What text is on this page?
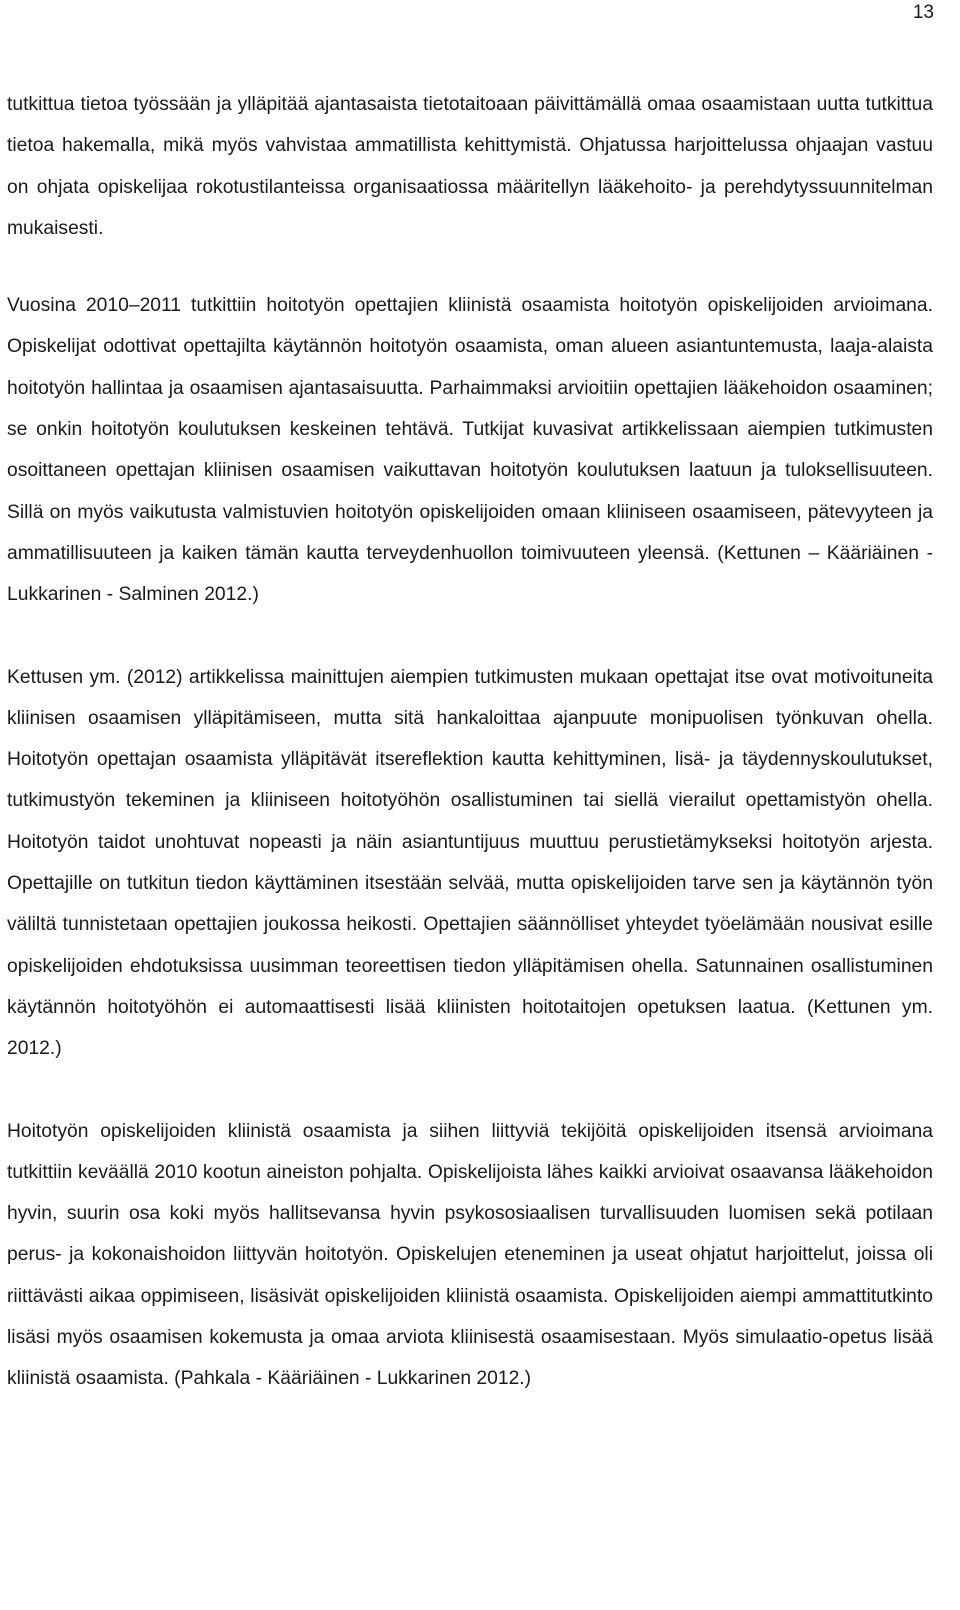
13

tutkittua tietoa työssään ja ylläpitää ajantasaista tietotaitoaan päivittämällä omaa osaamistaan uutta tutkittua tietoa hakemalla, mikä myös vahvistaa ammatillista kehittymistä. Ohjatussa harjoittelussa ohjaajan vastuu on ohjata opiskelijaa rokotustilanteissa organisaatiossa määritellyn lääkehoito- ja perehdytyssuunnitelman mukaisesti.

Vuosina 2010–2011 tutkittiin hoitotyön opettajien kliinistä osaamista hoitotyön opiskelijoiden arvioimana. Opiskelijat odottivat opettajilta käytännön hoitotyön osaamista, oman alueen asiantuntemusta, laaja-alaista hoitotyön hallintaa ja osaamisen ajantasaisuutta. Parhaimmaksi arvioitiin opettajien lääkehoidon osaaminen; se onkin hoitotyön koulutuksen keskeinen tehtävä. Tutkijat kuvasivat artikkelissaan aiempien tutkimusten osoittaneen opettajan kliinisen osaamisen vaikuttavan hoitotyön koulutuksen laatuun ja tuloksellisuuteen. Sillä on myös vaikutusta valmistuvien hoitotyön opiskelijoiden omaan kliiniseen osaamiseen, pätevyyteen ja ammatillisuuteen ja kaiken tämän kautta terveydenhuollon toimivuuteen yleensä. (Kettunen – Kääriäinen - Lukkarinen - Salminen 2012.)

Kettusen ym. (2012) artikkelissa mainittujen aiempien tutkimusten mukaan opettajat itse ovat motivoituneita kliinisen osaamisen ylläpitämiseen, mutta sitä hankaloittaa ajanpuute monipuolisen työnkuvan ohella. Hoitotyön opettajan osaamista ylläpitävät itsereflektion kautta kehittyminen, lisä- ja täydennyskoulutukset, tutkimustyön tekeminen ja kliiniseen hoitotyöhön osallistuminen tai siellä vierailut opettamistyön ohella. Hoitotyön taidot unohtuvat nopeasti ja näin asiantuntijuus muuttuu perustietämykseksi hoitotyön arjesta. Opettajille on tutkitun tiedon käyttäminen itsestään selvää, mutta opiskelijoiden tarve sen ja käytännön työn väliltä tunnistetaan opettajien joukossa heikosti. Opettajien säännölliset yhteydet työelämään nousivat esille opiskelijoiden ehdotuksissa uusimman teoreettisen tiedon ylläpitämisen ohella. Satunnainen osallistuminen käytännön hoitotyöhön ei automaattisesti lisää kliinisten hoitotaitojen opetuksen laatua. (Kettunen ym. 2012.)

Hoitotyön opiskelijoiden kliinistä osaamista ja siihen liittyviä tekijöitä opiskelijoiden itsensä arvioimana tutkittiin keväällä 2010 kootun aineiston pohjalta. Opiskelijoista lähes kaikki arvioivat osaavansa lääkehoidon hyvin, suurin osa koki myös hallitsevansa hyvin psykososiaalisen turvallisuuden luomisen sekä potilaan perus- ja kokonaishoidon liittyvän hoitotyön. Opiskelujen eteneminen ja useat ohjatut harjoittelut, joissa oli riittävästi aikaa oppimiseen, lisäsivät opiskelijoiden kliinistä osaamista. Opiskelijoiden aiempi ammattitutkinto lisäsi myös osaamisen kokemusta ja omaa arviota kliinisestä osaamisestaan. Myös simulaatio-opetus lisää kliinistä osaamista. (Pahkala - Kääriäinen - Lukkarinen 2012.)
